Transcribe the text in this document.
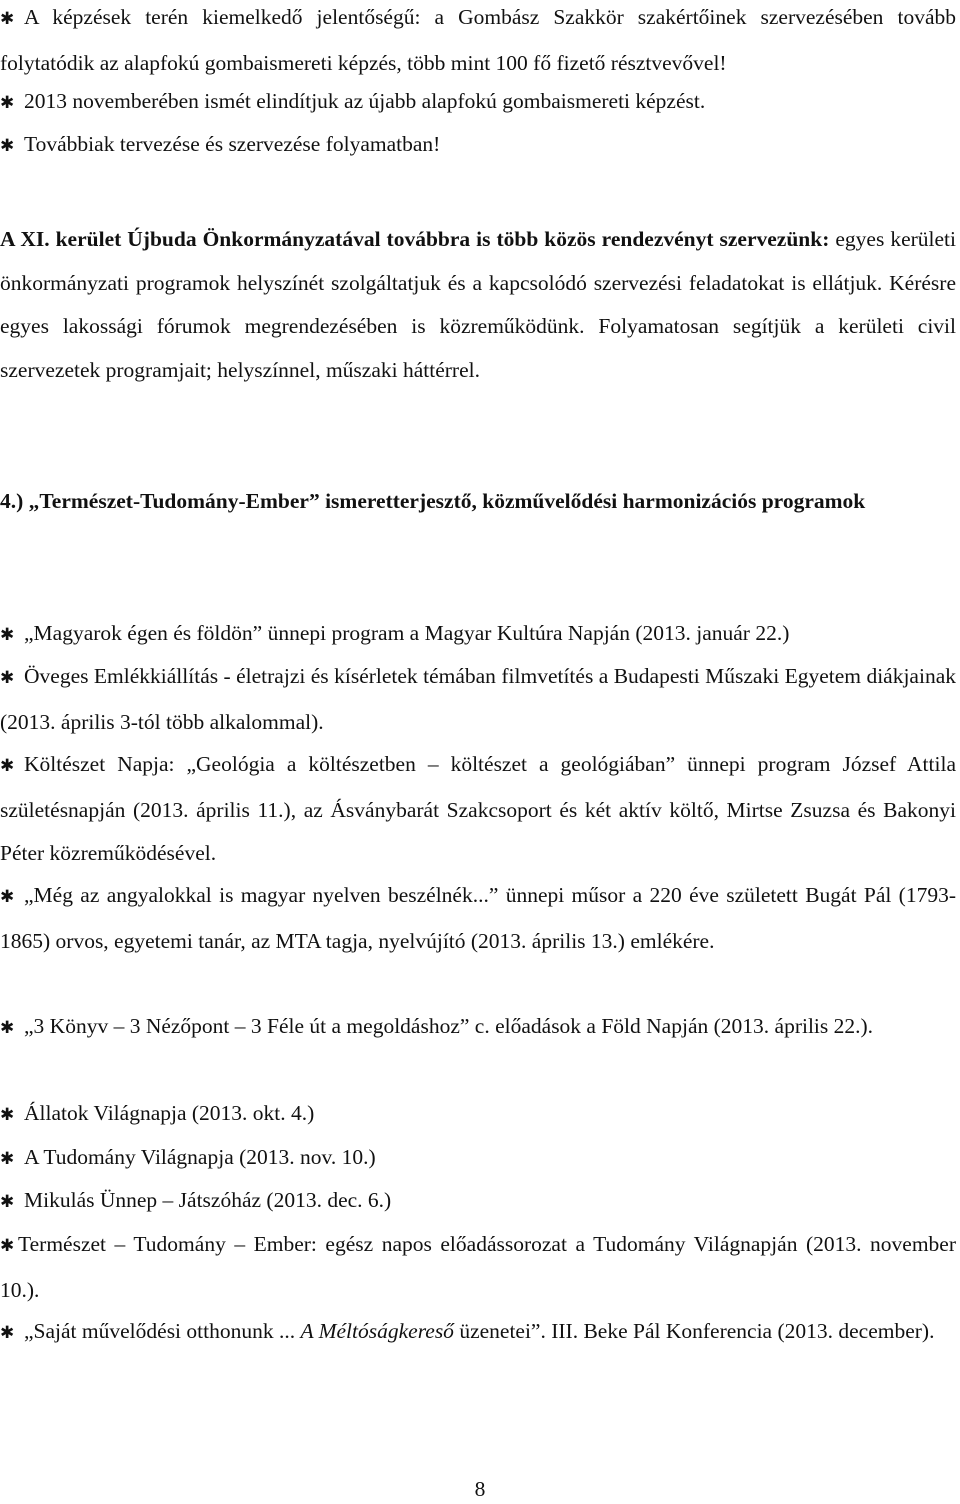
✱ A képzések terén kiemelkedő jelentőségű: a Gombász Szakkör szakértőinek szervezésében tovább folytatódik az alapfokú gombaismereti képzés, több mint 100 fő fizető résztvevővel!
✱ 2013 novemberében ismét elindítjuk az újabb alapfokú gombaismereti képzést.
✱ Továbbiak tervezése és szervezése folyamatban!
A XI. kerület Újbuda Önkormányzatával továbbra is több közös rendezvényt szervezünk: egyes kerületi önkormányzati programok helyszínét szolgáltatjuk és a kapcsolódó szervezési feladatokat is ellátjuk. Kérésre egyes lakossági fórumok megrendezésében is közreműködünk. Folyamatosan segítjük a kerületi civil szervezetek programjait; helyszínnel, műszaki háttérrel.
4.) „Természet-Tudomány-Ember” ismeretterjesztő, közművelődési harmonizációs programok
✱ „Magyarok égen és földön” ünnepi program a Magyar Kultúra Napján (2013. január 22.)
✱ Öveges Emlékkiállítás - életrajzi és kísérletek témában filmvetítés a Budapesti Műszaki Egyetem diákjainak (2013. április 3-tól több alkalommal).
✱ Költészet Napja: „Geológia a költészetben – költészet a geológiában” ünnepi program József Attila születésnapján (2013. április 11.), az Ásványbarát Szakcsoport és két aktív költő, Mirtse Zsuzsa és Bakonyi Péter közreműködésével.
✱ „Még az angyalokkal is magyar nyelven beszélnék...” ünnepi műsor a 220 éve született Bugát Pál (1793-1865) orvos, egyetemi tanár, az MTA tagja, nyelvújító (2013. április 13.) emlékére.
✱ „3 Könyv – 3 Nézőpont – 3 Féle út a megoldáshoz” c. előadások a Föld Napján (2013. április 22.).
✱ Állatok Világnapja (2013. okt. 4.)
✱ A Tudomány Világnapja (2013. nov. 10.)
✱ Mikulás Ünnep – Játszóház (2013. dec. 6.)
✱ Természet – Tudomány – Ember: egész napos előadássorozat a Tudomány Világnapján (2013. november 10.).
✱ „Saját művelődési otthonunk ... A Méltóságkereső üzenetei”. III. Beke Pál Konferencia (2013. december).
8
